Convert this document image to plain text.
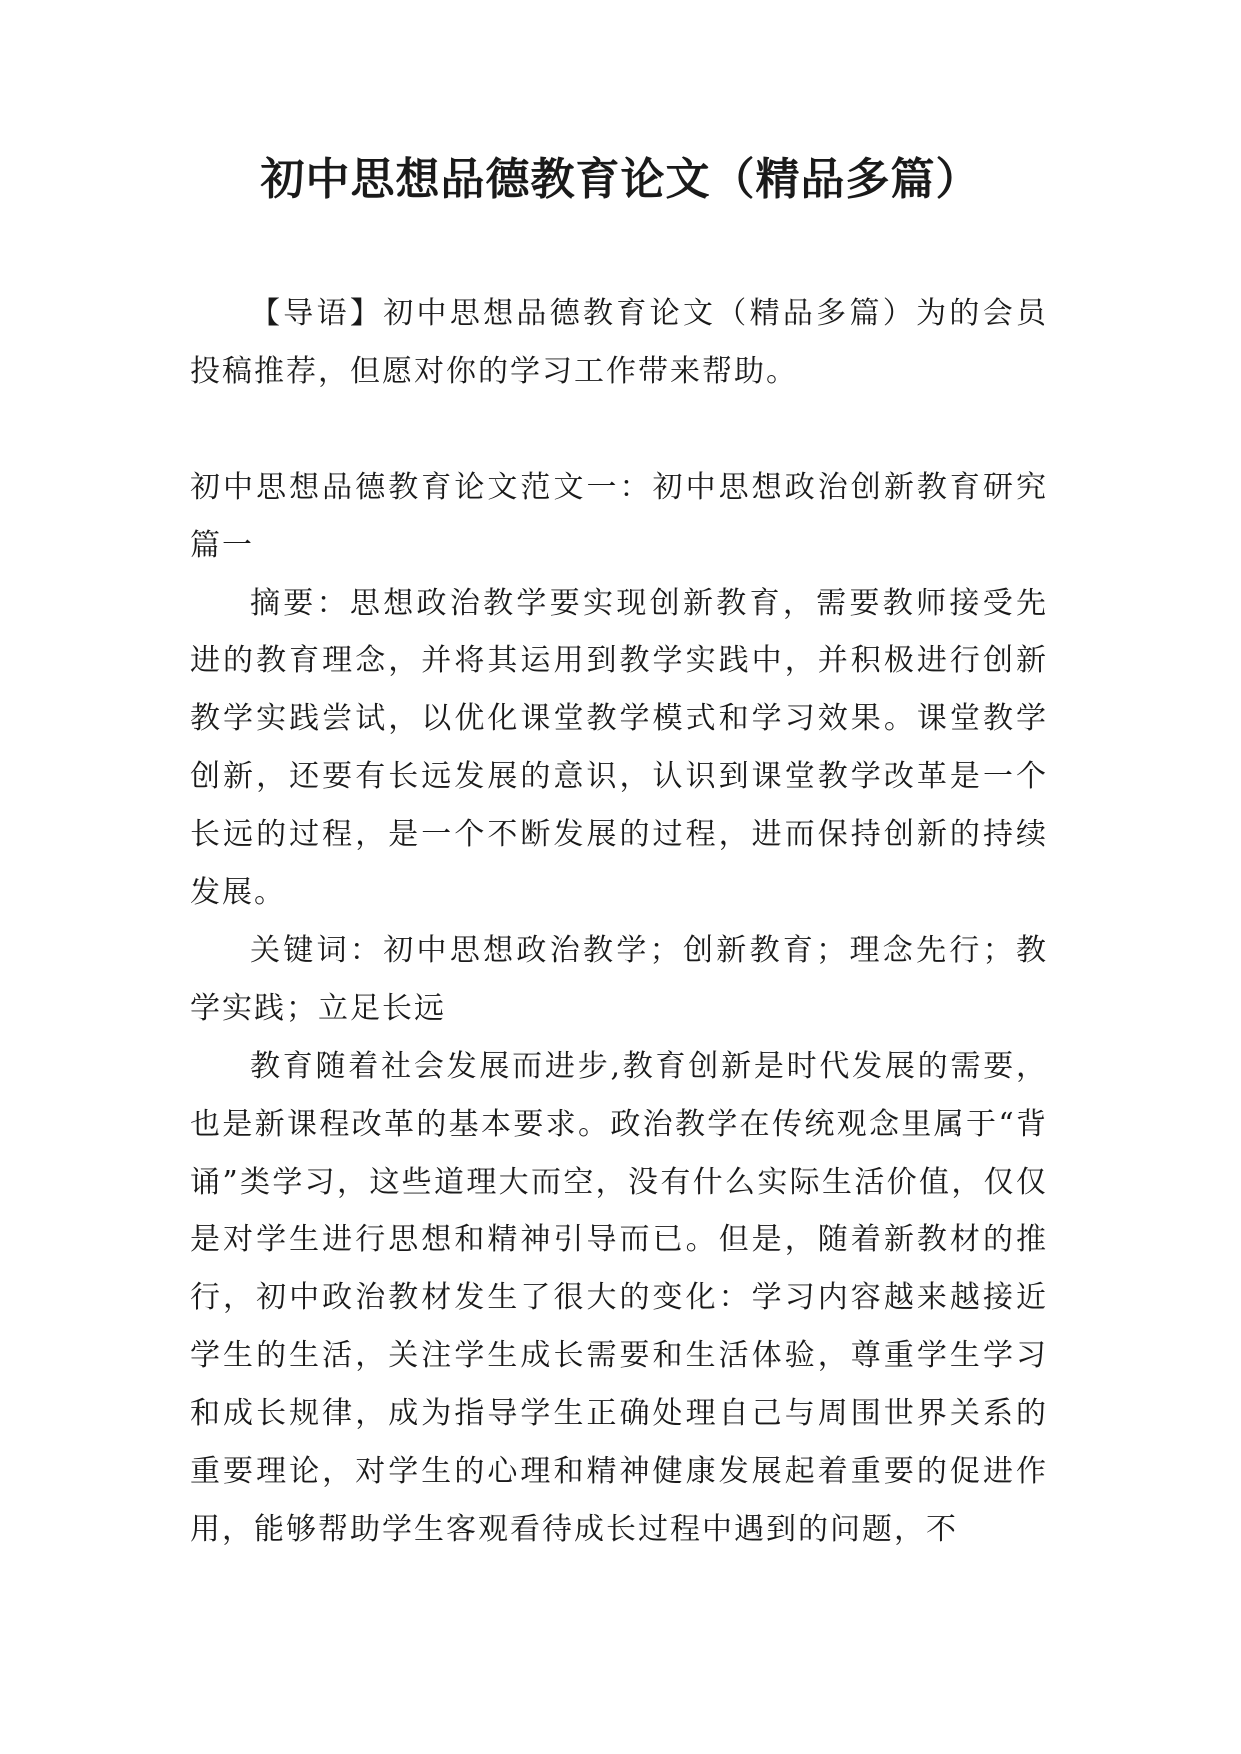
初中思想品德教育论文（精品多篇）

【导语】初中思想品德教育论文（精品多篇）为的会员投稿推荐，但愿对你的学习工作带来帮助。

初中思想品德教育论文范文一：初中思想政治创新教育研究篇一

摘要：思想政治教学要实现创新教育，需要教师接受先进的教育理念，并将其运用到教学实践中，并积极进行创新教学实践尝试，以优化课堂教学模式和学习效果。课堂教学创新，还要有长远发展的意识，认识到课堂教学改革是一个长远的过程，是一个不断发展的过程，进而保持创新的持续发展。

关键词：初中思想政治教学；创新教育；理念先行；教学实践；立足长远

教育随着社会发展而进步,教育创新是时代发展的需要，也是新课程改革的基本要求。政治教学在传统观念里属于“背诵”类学习，这些道理大而空，没有什么实际生活价值，仅仅是对学生进行思想和精神引导而已。但是，随着新教材的推行，初中政治教材发生了很大的变化：学习内容越来越接近学生的生活，关注学生成长需要和生活体验，尊重学生学习和成长规律，成为指导学生正确处理自己与周围世界关系的重要理论，对学生的心理和精神健康发展起着重要的促进作用，能够帮助学生客观看待成长过程中遇到的问题，不
